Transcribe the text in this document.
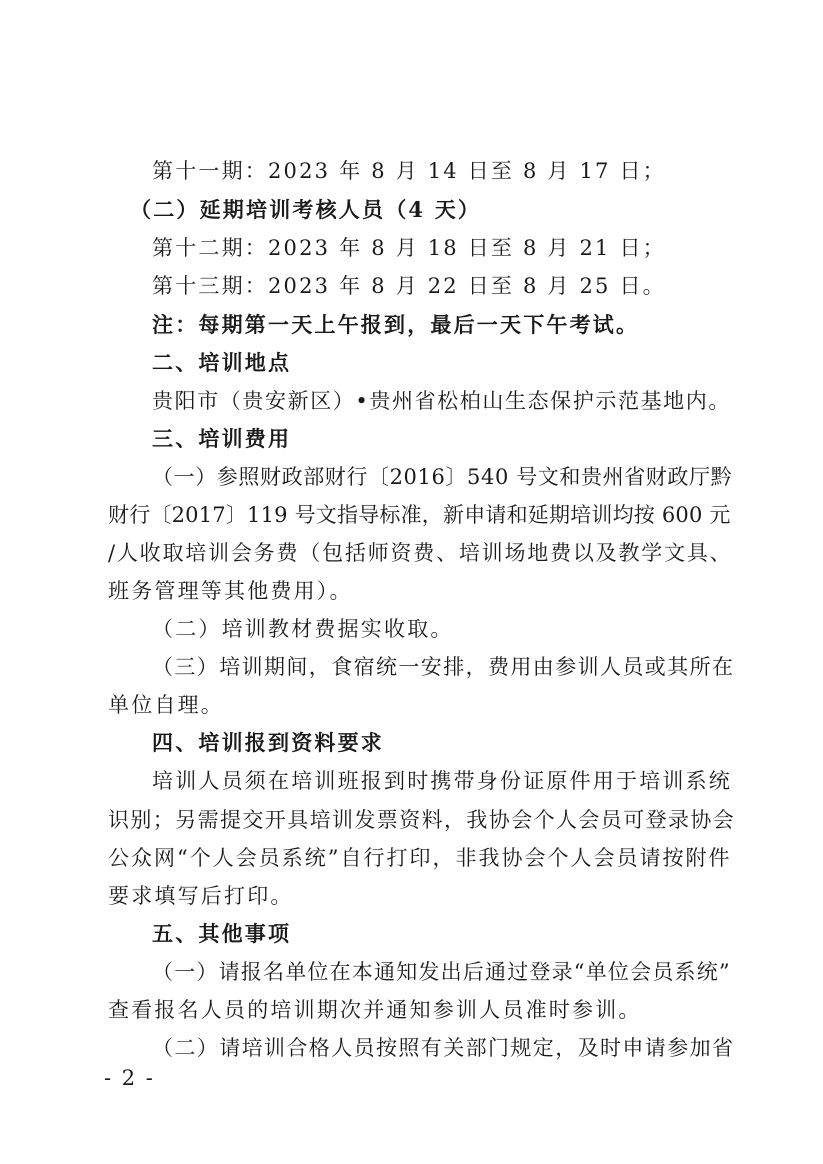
第十一期：2023 年 8 月 14 日至 8 月 17 日；
（二）延期培训考核人员（4 天）
第十二期：2023 年 8 月 18 日至 8 月 21 日；
第十三期：2023 年 8 月 22 日至 8 月 25 日。
注：每期第一天上午报到，最后一天下午考试。
二、培训地点
贵阳市（贵安新区）•贵州省松柏山生态保护示范基地内。
三、培训费用
（一）参照财政部财行〔2016〕540 号文和贵州省财政厅黔
财行〔2017〕119 号文指导标准，新申请和延期培训均按 600 元
/人收取培训会务费（包括师资费、培训场地费以及教学文具、
班务管理等其他费用）。
（二）培训教材费据实收取。
（三）培训期间，食宿统一安排，费用由参训人员或其所在
单位自理。
四、培训报到资料要求
培训人员须在培训班报到时携带身份证原件用于培训系统
识别；另需提交开具培训发票资料，我协会个人会员可登录协会
公众网“个人会员系统”自行打印，非我协会个人会员请按附件
要求填写后打印。
五、其他事项
（一）请报名单位在本通知发出后通过登录“单位会员系统”
查看报名人员的培训期次并通知参训人员准时参训。
（二）请培训合格人员按照有关部门规定，及时申请参加省
- 2 -
